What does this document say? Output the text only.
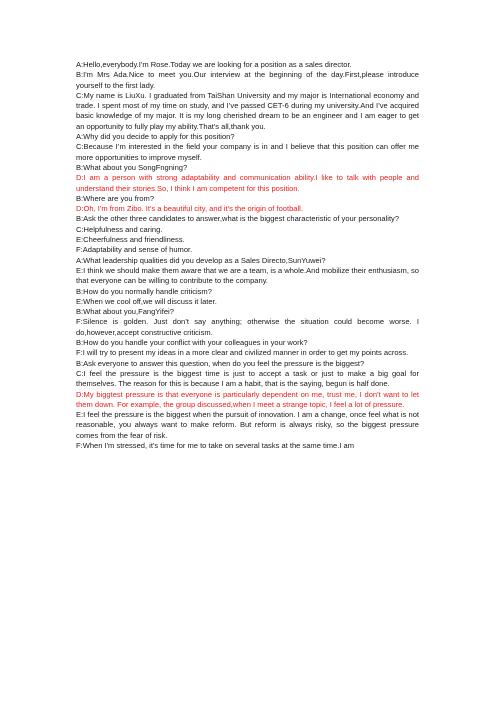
A:Hello,everybody.I'm Rose.Today we are looking for a position as a sales director.

B:I'm Mrs Ada.Nice to meet you.Our interview at the beginning of the day.First,please introduce yourself to the first lady.

C:My name is LiuXu. I graduated from TaiShan University and my major is International economy and trade. I spent most of my time on study, and I’ve passed CET-6 during my university.And I’ve acquired basic knowledge of my major. It is my long cherished dream to be an engineer and I am eager to get an opportunity to fully play my ability.That's all,thank you.

A:Why did you decide to apply for this position?

C:Because I’m interested in the field your company is in and I believe that this position can offer me more opportunities to improve myself.

B:What about you SongFngning?

D:I am a person with strong adaptability and communication ability.I like to talk with people and understand their stories.So, I think I am competent for this position.

B:Where are you from?

D:Oh, I'm from Zibo. It's a beautiful city, and it's the origin of football.

B:Ask the other three candidates to answer,what is the biggest characteristic of your personality?

C:Helpfulness and caring.

E:Cheerfulness and friendliness.

F:Adaptability and sense of humor.

A:What leadership qualities did you develop as a Sales Directo,SunYuwei?

E:I think we should make them aware that we are a team, is a whole.And mobilize their enthusiasm, so that everyone can be willing to contribute to the company.

B:How do you normally handle criticism?

E:When we cool off,we will discuss it later.

B:What about you,FangYifei?

F:Silence is golden. Just don’t say anything; otherwise the situation could become worse. I do,however,accept constructive criticism.

B:How do you handle your conflict with your colleagues in your work?

F:I will try to present my ideas in a more clear and civilized manner in order to get my points across.

B:Ask everyone to answer this question, when do you feel the pressure is the biggest?

C:I feel the pressure is the biggest time is just to accept a task or just to make a big goal for themselves. The reason for this is because I am a habit, that is the saying, begun is half done.

D:My biggtest pressure is that everyone is particularly dependent on me, trust me, I don't want to let them down. For example, the group discussed,when I meet a strange topic, I feel a lot of pressure.

E:I feel the pressure is the biggest when the pursuit of innovation. I am a change, once feel what is not reasonable, you always want to make reform. But reform is always risky, so the biggest pressure comes from the fear of risk.

F:When I'm stressed, it's time for me to take on several tasks at the same time.I am
